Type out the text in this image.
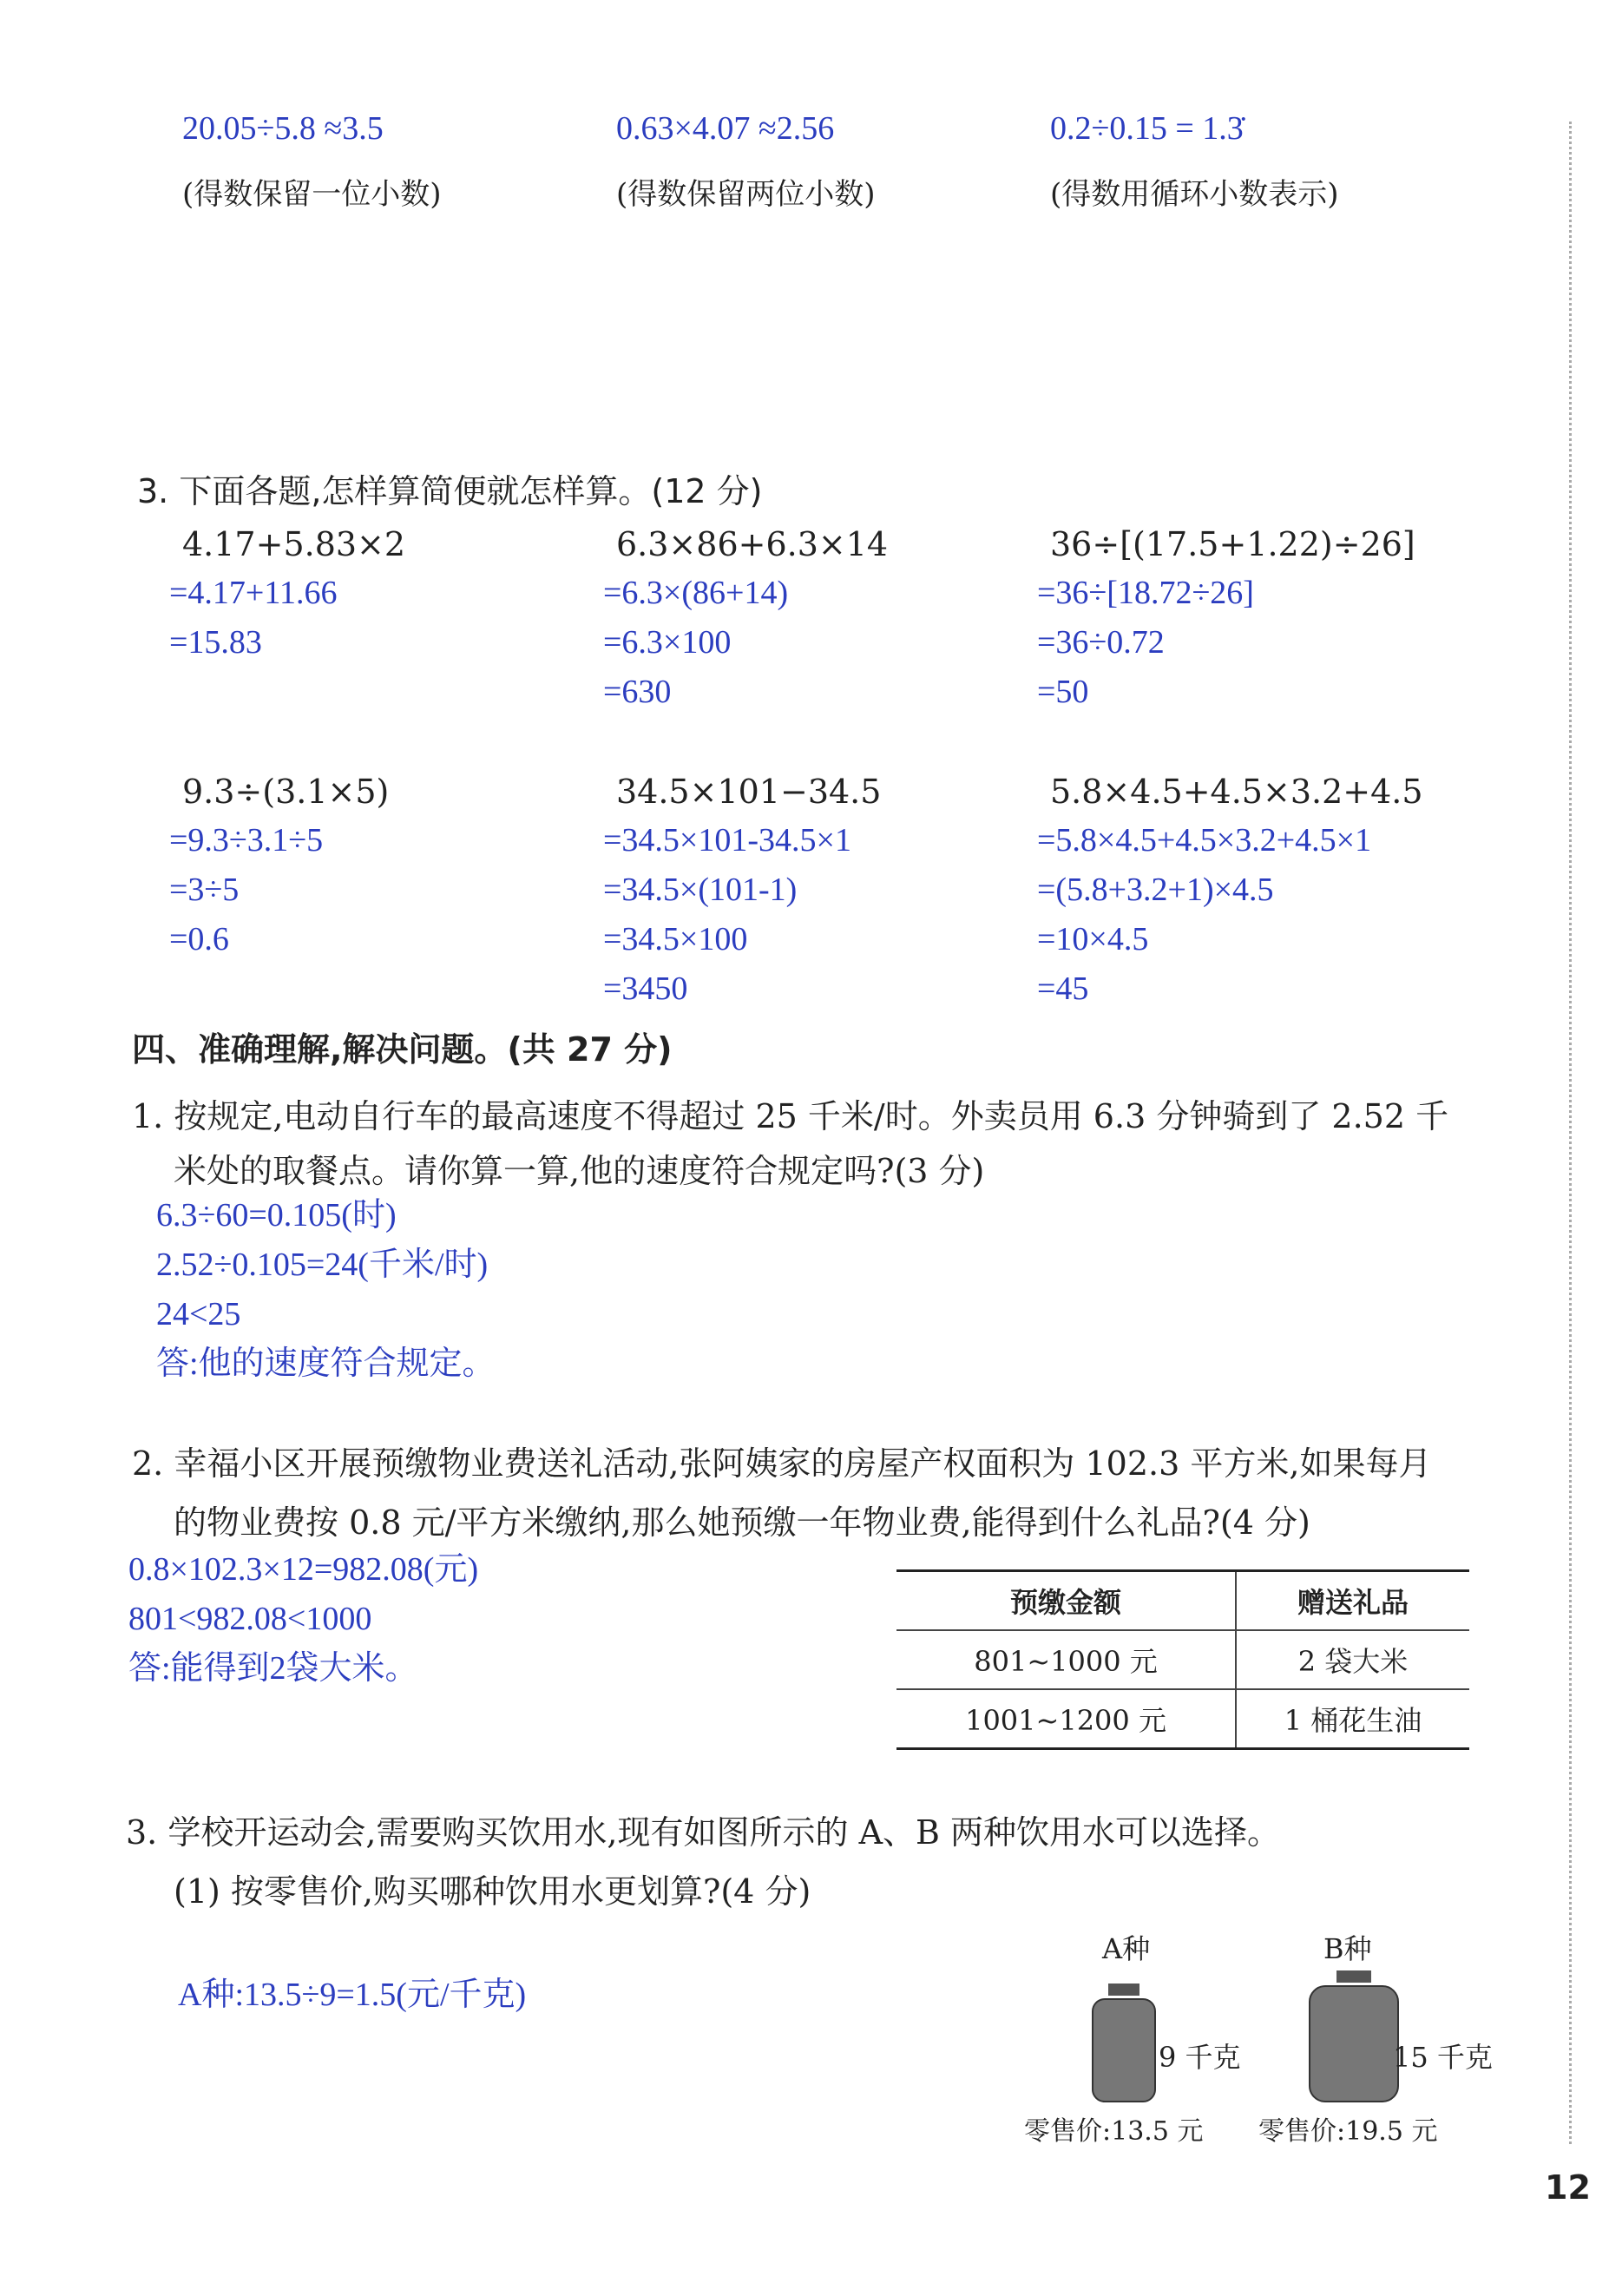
20.05÷5.8 ≈3.5
(得数保留一位小数)
0.63×4.07 ≈2.56
(得数保留两位小数)
0.2÷0.15 = 1.3̇
(得数用循环小数表示)
3. 下面各题,怎样算简便就怎样算。(12 分)
4.17+5.83×2
=4.17+11.66
=15.83
6.3×86+6.3×14
=6.3×(86+14)
=6.3×100
=630
36÷[(17.5+1.22)÷26]
=36÷[18.72÷26]
=36÷0.72
=50
9.3÷(3.1×5)
=9.3÷3.1÷5
=3÷5
=0.6
34.5×101−34.5
=34.5×101-34.5×1
=34.5×(101-1)
=34.5×100
=3450
5.8×4.5+4.5×3.2+4.5
=5.8×4.5+4.5×3.2+4.5×1
=(5.8+3.2+1)×4.5
=10×4.5
=45
四、准确理解,解决问题。(共 27 分)
1. 按规定,电动自行车的最高速度不得超过 25 千米/时。外卖员用 6.3 分钟骑到了 2.52 千
米处的取餐点。请你算一算,他的速度符合规定吗?(3 分)
6.3÷60=0.105(时)
2.52÷0.105=24(千米/时)
24<25
答:他的速度符合规定。
2. 幸福小区开展预缴物业费送礼活动,张阿姨家的房屋产权面积为 102.3 平方米,如果每月
的物业费按 0.8 元/平方米缴纳,那么她预缴一年物业费,能得到什么礼品?(4 分)
0.8×102.3×12=982.08(元)
801<982.08<1000
答:能得到2袋大米。
预缴金额	赠送礼品
801~1000 元	2 袋大米
1001~1200 元	1 桶花生油
3. 学校开运动会,需要购买饮用水,现有如图所示的 A、B 两种饮用水可以选择。
(1) 按零售价,购买哪种饮用水更划算?(4 分)
A种:13.5÷9=1.5(元/千克)
A种	B种
9 千克	15 千克
零售价:13.5 元 零售价:19.5 元
12
